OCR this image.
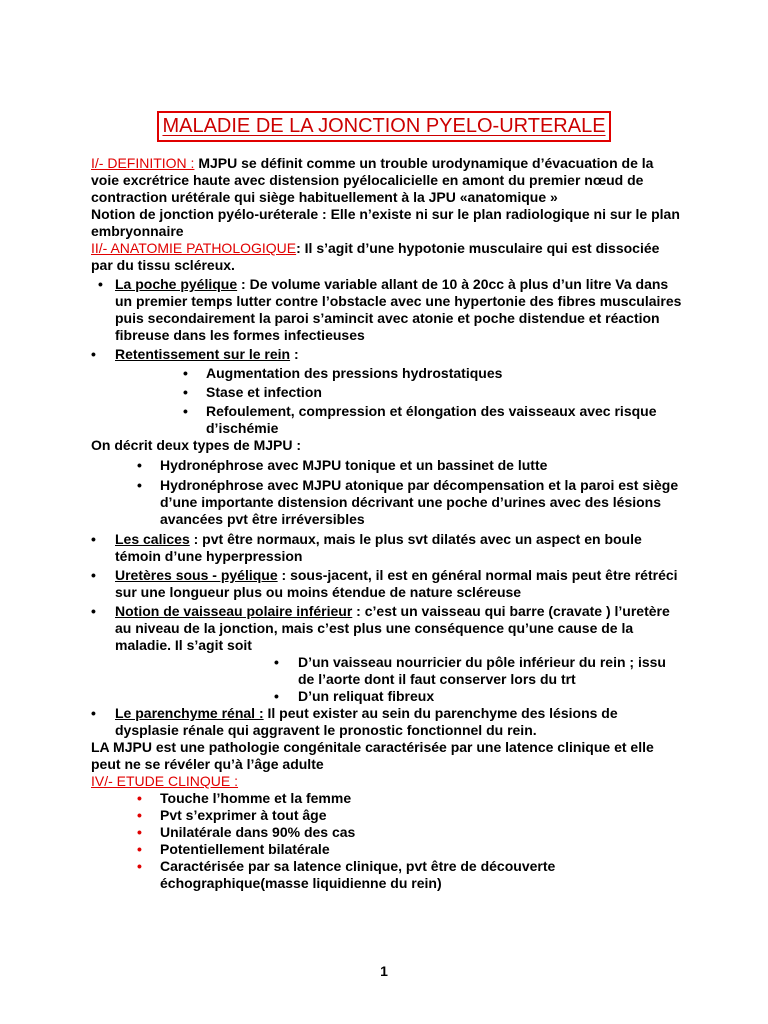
MALADIE DE LA JONCTION PYELO-URTERALE

I/- DEFINITION : MJPU se définit comme un trouble urodynamique d’évacuation de la voie excrétrice haute avec distension pyélocalicielle en amont du premier nœud de contraction urétérale qui siège habituellement à la JPU «anatomique »

Notion de jonction pyélo-uréterale : Elle n’existe ni sur le plan radiologique ni sur le plan embryonnaire

II/- ANATOMIE PATHOLOGIQUE: Il s’agit d’une hypotonie musculaire qui est dissociée par du tissu scléreux.

• La poche pyélique : De volume variable allant de 10 à 20cc à plus d’un litre Va dans un premier temps lutter contre l’obstacle avec une hypertonie des fibres musculaires puis secondairement la paroi s’amincit avec atonie et poche distendue et réaction fibreuse dans les formes infectieuses
• Retentissement sur le rein :
• Augmentation des pressions hydrostatiques
• Stase et infection
• Refoulement, compression et élongation des vaisseaux avec risque d’ischémie

On décrit deux types de MJPU :

• Hydronéphrose avec MJPU tonique et un bassinet de lutte
• Hydronéphrose avec MJPU atonique par décompensation et la paroi est siège d’une importante distension décrivant une poche d’urines avec des lésions avancées pvt être irréversibles
• Les calices : pvt être normaux, mais le plus svt dilatés avec un aspect en boule témoin d’une hyperpression
• Uretères sous - pyélique : sous-jacent, il est en général normal mais peut être rétréci sur une longueur plus ou moins étendue de nature scléreuse
• Notion de vaisseau polaire inférieur : c’est un vaisseau qui barre (cravate ) l’uretère au niveau de la jonction, mais c’est plus une conséquence qu’une cause de la maladie. Il s’agit soit
• D’un vaisseau nourricier du pôle inférieur du rein ; issu de l’aorte dont il faut conserver lors du trt
• D’un reliquat fibreux
• Le parenchyme rénal : Il peut exister au sein du parenchyme des lésions de dysplasie rénale qui aggravent le pronostic fonctionnel du rein.

LA MJPU est une pathologie congénitale caractérisée par une latence clinique et elle peut ne se révéler qu’à l’âge adulte

IV/- ETUDE CLINQUE :

• Touche l’homme et la femme
• Pvt s’exprimer à tout âge
• Unilatérale dans 90% des cas
• Potentiellement bilatérale
• Caractérisée par sa latence clinique, pvt être de découverte échographique(masse liquidienne du rein)
1
